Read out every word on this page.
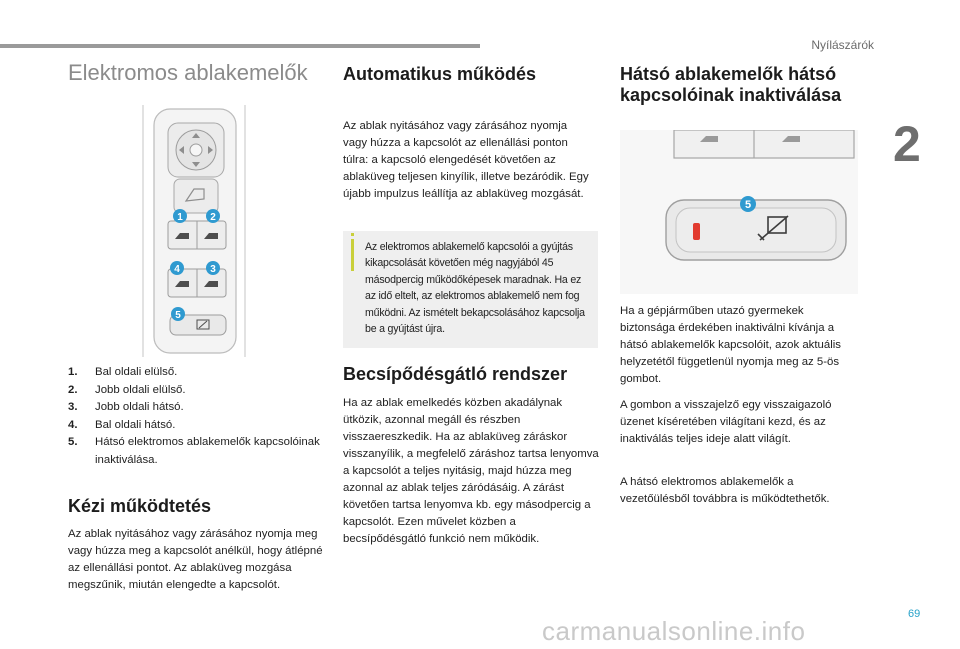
Nyílászárók
2
Elektromos ablakemelők
1	2
4	3
5
1.	Bal oldali elülső.
2.	Jobb oldali elülső.
3.	Jobb oldali hátsó.
4.	Bal oldali hátsó.
5.	Hátsó elektromos ablakemelők kapcsolóinak inaktiválása.
Kézi működtetés

Az ablak nyitásához vagy zárásához nyomja meg vagy húzza meg a kapcsolót anélkül, hogy átlépné az ellenállási pontot. Az ablaküveg mozgása megszűnik, miután elengedte a kapcsolót.

Automatikus működés

Az ablak nyitásához vagy zárásához nyomja vagy húzza a kapcsolót az ellenállási ponton túlra: a kapcsoló elengedését követően az ablaküveg teljesen kinyílik, illetve bezáródik. Egy újabb impulzus leállítja az ablaküveg mozgását.

Az elektromos ablakemelő kapcsolói a gyújtás kikapcsolását követően még nagyjából 45 másodpercig működőképesek maradnak. Ha ez az idő eltelt, az elektromos ablakemelő nem fog működni. Az ismételt bekapcsolásához kapcsolja be a gyújtást újra.

Becsípődésgátló rendszer

Ha az ablak emelkedés közben akadálynak ütközik, azonnal megáll és részben visszaereszkedik. Ha az ablaküveg záráskor visszanyílik, a megfelelő záráshoz tartsa lenyomva a kapcsolót a teljes nyitásig, majd húzza meg azonnal az ablak teljes záródásáig. A zárást követően tartsa lenyomva kb. egy másodpercig a kapcsolót. Ezen művelet közben a becsípődésgátló funkció nem működik.

Hátsó ablakemelők hátsó kapcsolóinak inaktiválása
5

Ha a gépjárműben utazó gyermekek biztonsága érdekében inaktiválni kívánja a hátsó ablakemelők kapcsolóit, azok aktuális helyzetétől függetlenül nyomja meg az 5-ös gombot.

A gombon a visszajelző egy visszaigazoló üzenet kíséretében világítani kezd, és az inaktiválás teljes ideje alatt világít.

A hátsó elektromos ablakemelők a vezetőülésből továbbra is működtethetők.

carmanualsonline.info
69
